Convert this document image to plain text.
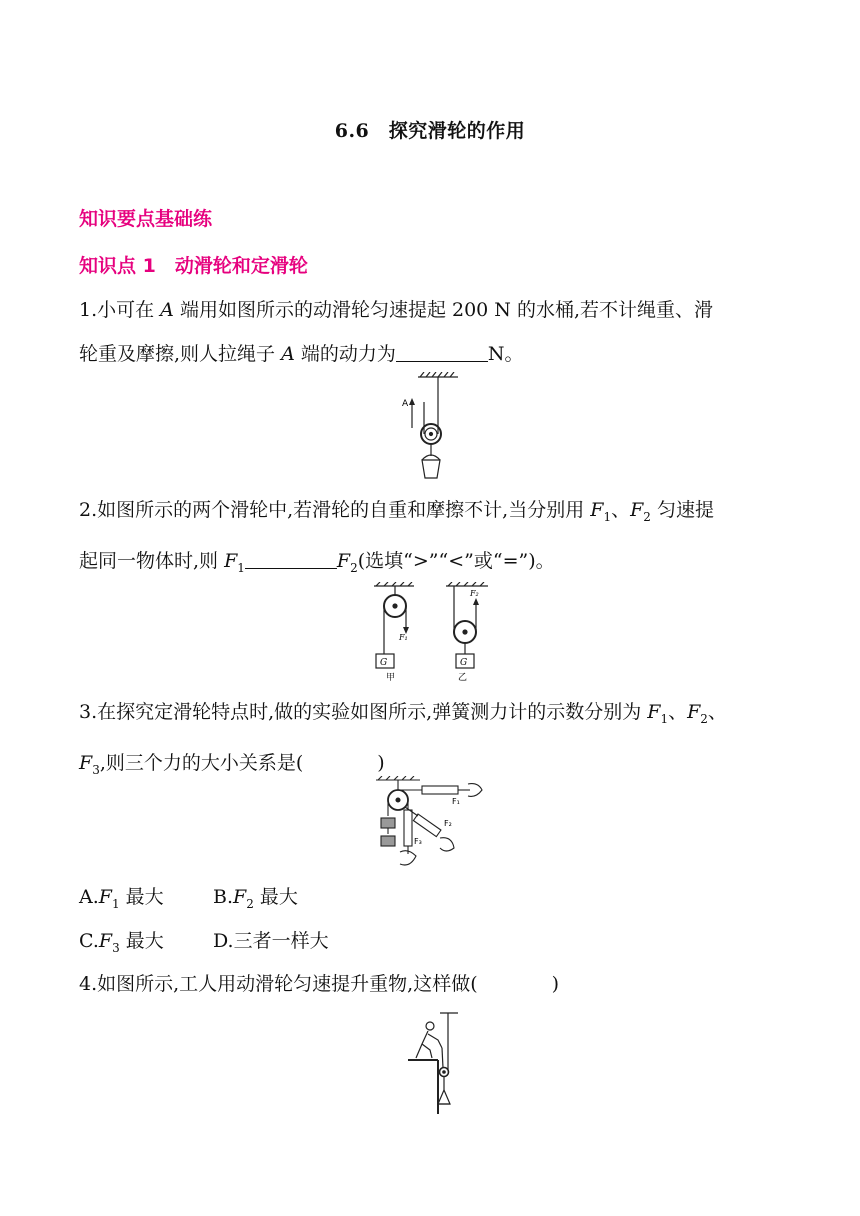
6.6　探究滑轮的作用
知识要点基础练
知识点 1　动滑轮和定滑轮
1.小可在 A 端用如图所示的动滑轮匀速提起 200 N 的水桶,若不计绳重、滑
轮重及摩擦,则人拉绳子 A 端的动力为	N。
A
2.如图所示的两个滑轮中,若滑轮的自重和摩擦不计,当分别用 $F_1$、$F_2$ 匀速提
起同一物体时,则 $F_1$	$F_2$(选填“>”“<”或“=”)。
G	G
F₁
F₂
甲	乙
3.在探究定滑轮特点时,做的实验如图所示,弹簧测力计的示数分别为 $F_1$、$F_2$、
$F_3$,则三个力的大小关系是(	)
F₁
F₂
F₃
$A.F_1$ 最大	$B.F_2$ 最大
$C.F_3$ 最大	D.三者一样大
4.如图所示,工人用动滑轮匀速提升重物,这样做(	)
